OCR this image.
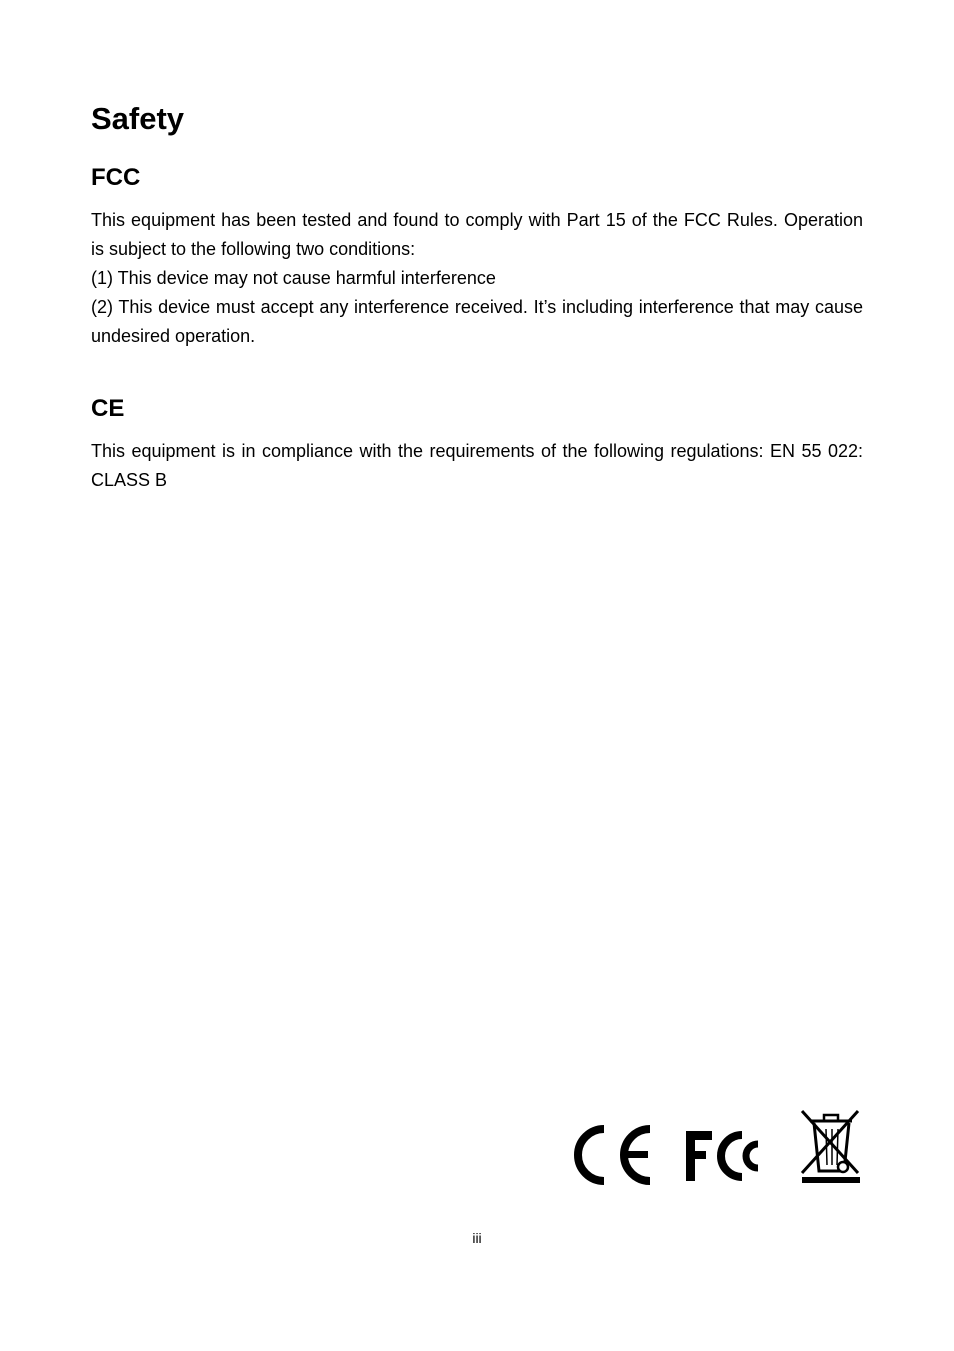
Safety
FCC

This equipment has been tested and found to comply with Part 15 of the FCC Rules. Operation is subject to the following two conditions:

(1) This device may not cause harmful interference

(2) This device must accept any interference received. It’s including interference that may cause undesired operation.

CE

This equipment is in compliance with the requirements of the following regulations: EN 55 022: CLASS B

iii
